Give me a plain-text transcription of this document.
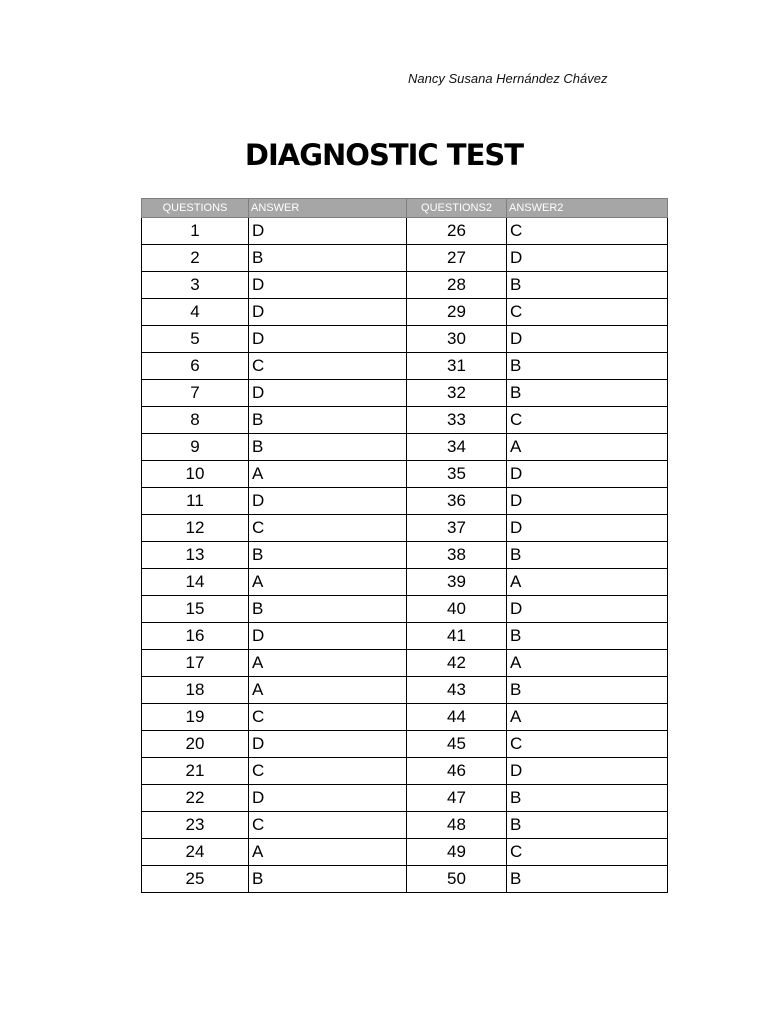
Nancy Susana Hernández Chávez
DIAGNOSTIC TEST
QUESTIONS	ANSWER	QUESTIONS2	ANSWER2
1	D	26	C
2	B	27	D
3	D	28	B
4	D	29	C
5	D	30	D
6	C	31	B
7	D	32	B
8	B	33	C
9	B	34	A
10	A	35	D
11	D	36	D
12	C	37	D
13	B	38	B
14	A	39	A
15	B	40	D
16	D	41	B
17	A	42	A
18	A	43	B
19	C	44	A
20	D	45	C
21	C	46	D
22	D	47	B
23	C	48	B
24	A	49	C
25	B	50	B
